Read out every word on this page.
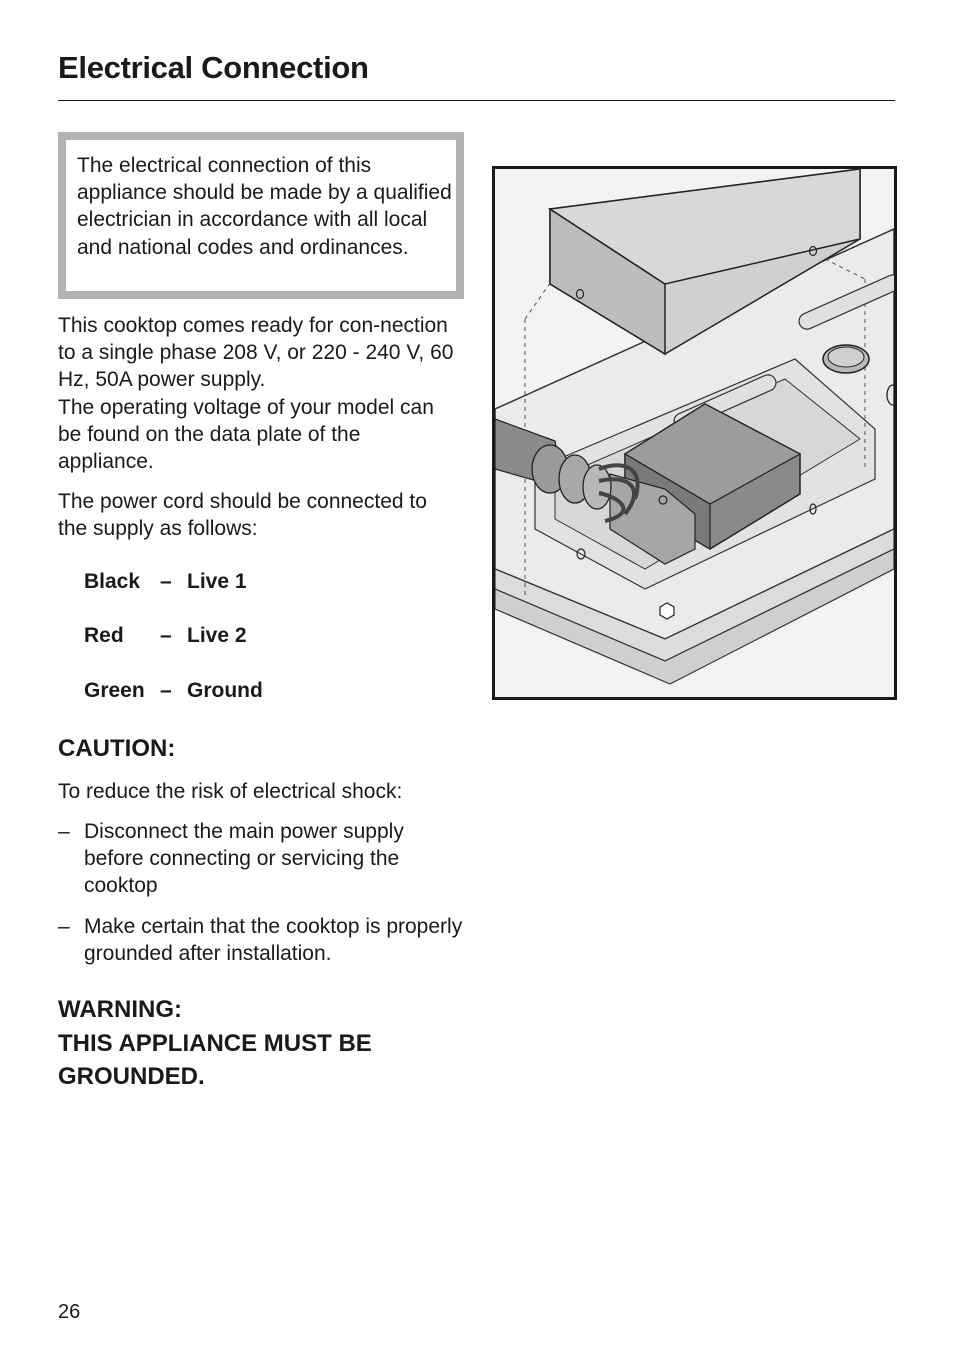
Electrical Connection

The electrical connection of this appliance should be made by a qualified electrician in accordance with all local and national codes and ordinances.

This cooktop comes ready for con-nection to a single phase 208 V, or 220 - 240 V, 60 Hz, 50A power supply.

The operating voltage of your model can be found on the data plate of the appliance.

The power cord should be connected to the supply as follows:

Black – Live 1
Red – Live 2
Green – Ground
CAUTION:

To reduce the risk of electrical shock:

– Disconnect the main power supply before connecting or servicing the cooktop
– Make certain that the cooktop is properly grounded after installation.
WARNING:
THIS APPLIANCE MUST BE
GROUNDED.
26
